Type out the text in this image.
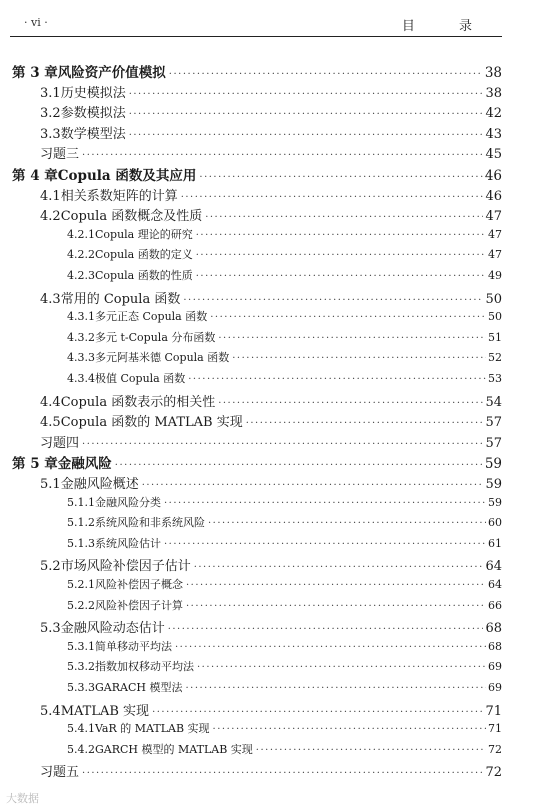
· vi ·	目 录
第 3 章 风险资产价值模拟 ·····	38
3.1 历史模拟法 ·····	38
3.2 参数模拟法 ·····	42
3.3 数学模型法 ·····	43
习题三 ·····	45
第 4 章 Copula 函数及其应用 ·····	46
4.1 相关系数矩阵的计算 ·····	46
4.2 Copula 函数概念及性质 ·····	47
4.2.1 Copula 理论的研究 ·····	47
4.2.2 Copula 函数的定义 ·····	47
4.2.3 Copula 函数的性质 ·····	49
4.3 常用的 Copula 函数 ·····	50
4.3.1 多元正态 Copula 函数 ·····	50
4.3.2 多元 t-Copula 分布函数 ·····	51
4.3.3 多元阿基米德 Copula 函数 ·····	52
4.3.4 极值 Copula 函数 ·····	53
4.4 Copula 函数表示的相关性 ·····	54
4.5 Copula 函数的 MATLAB 实现 ·····	57
习题四 ·····	57
第 5 章 金融风险 ·····	59
5.1 金融风险概述 ·····	59
5.1.1 金融风险分类 ·····	59
5.1.2 系统风险和非系统风险 ·····	60
5.1.3 系统风险估计 ·····	61
5.2 市场风险补偿因子估计 ·····	64
5.2.1 风险补偿因子概念 ·····	64
5.2.2 风险补偿因子计算 ·····	66
5.3 金融风险动态估计 ·····	68
5.3.1 简单移动平均法 ·····	68
5.3.2 指数加权移动平均法 ·····	69
5.3.3 GARACH 模型法 ·····	69
5.4 MATLAB 实现 ·····	71
5.4.1 VaR 的 MATLAB 实现 ·····	71
5.4.2 GARCH 模型的 MATLAB 实现 ·····	72
习题五 ·····	72
大数据
